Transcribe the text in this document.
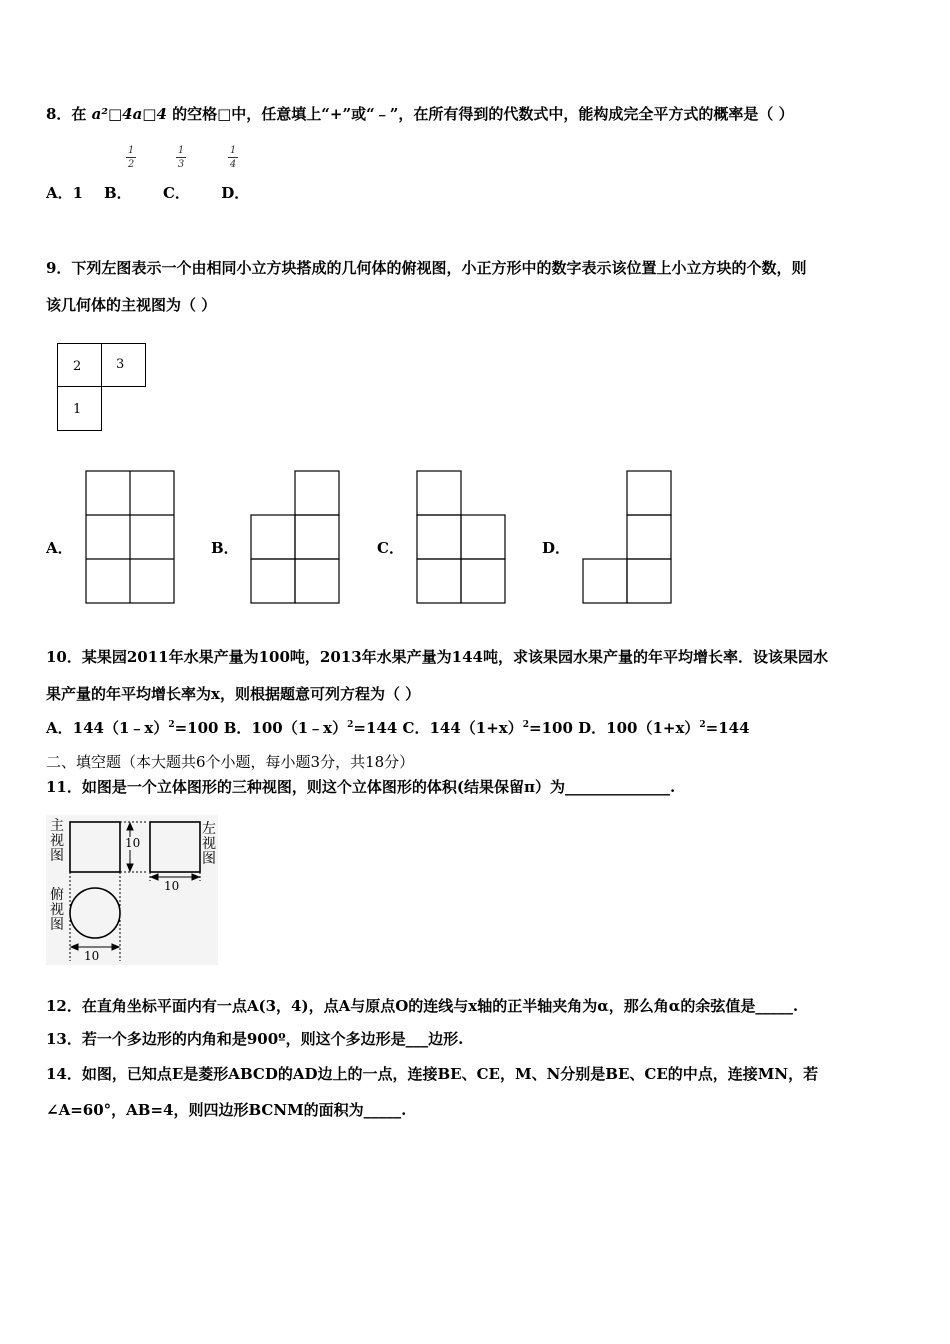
8．在 a²□4a□4 的空格□中，任意填上“+”或“﹣”，在所有得到的代数式中，能构成完全平方式的概率是（ ）
1
2
1
3
1
4
A．1    B．      C．      D．
9．下列左图表示一个由相同小立方块搭成的几何体的俯视图，小正方形中的数字表示该位置上小立方块的个数，则
该几何体的主视图为（ ）
2	3
1
A．	B．	C．	D．
10．某果园2011年水果产量为100吨，2013年水果产量为144吨，求该果园水果产量的年平均增长率．设该果园水
果产量的年平均增长率为x，则根据题意可列方程为（ ）
A．144（1﹣x）$^2$=100 B．100（1﹣x）$^2$=144 C．$144(1+x)^2=100$ D．$100(1+x)^2=144$
二、填空题（本大题共6个小题，每小题3分，共18分）
11．如图是一个立体图形的三种视图，则这个立体图形的体积(结果保留π）为______________.
主
视
图
左
视
图
俯
视
图
10
10
10
12．在直角坐标平面内有一点A(3，4)，点A与原点O的连线与x轴的正半轴夹角为α，那么角α的余弦值是_____.
13．若一个多边形的内角和是900º，则这个多边形是___边形.
14．如图，已知点E是菱形ABCD的AD边上的一点，连接BE、CE，M、N分别是BE、CE的中点，连接MN，若
∠A=60°，AB=4，则四边形BCNM的面积为_____.
